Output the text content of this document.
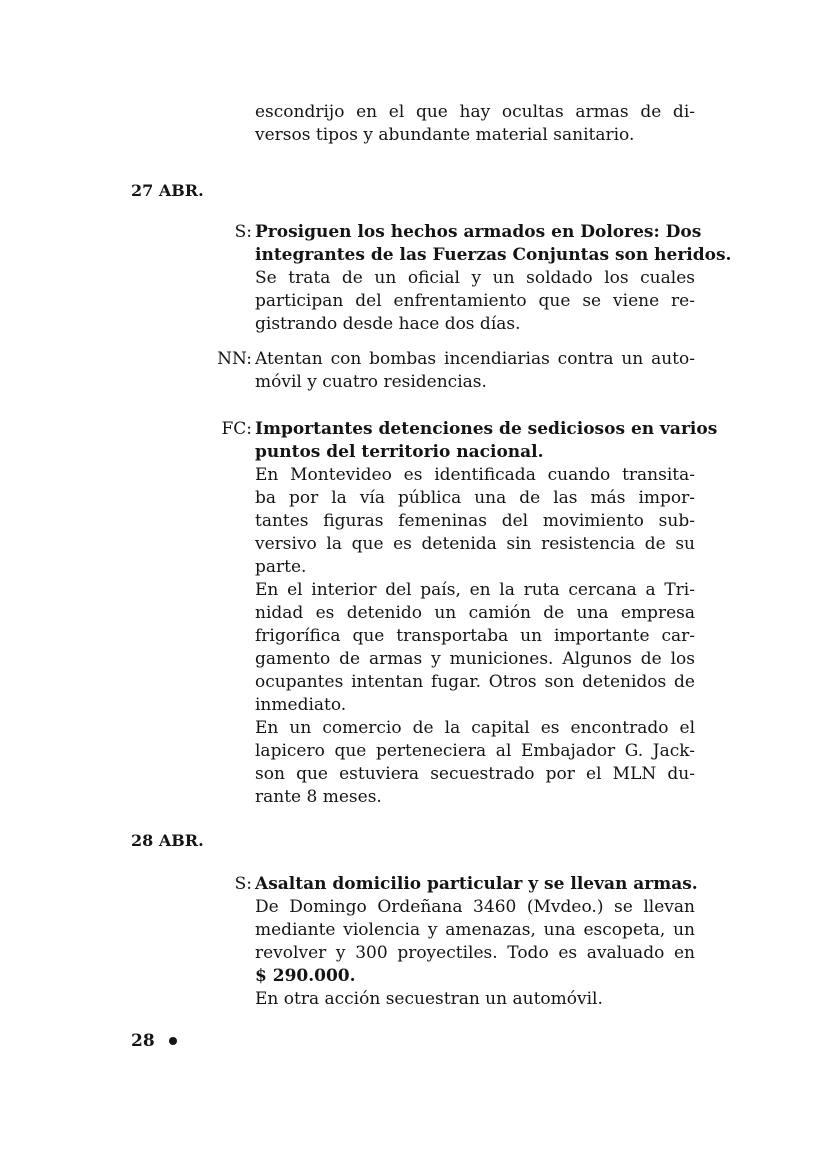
escondrijo en el que hay ocultas armas de di-
versos tipos y abundante material sanitario.
27 ABR.
S: Prosiguen los hechos armados en Dolores: Dos
integrantes de las Fuerzas Conjuntas son heridos.
Se trata de un oficial y un soldado los cuales
participan del enfrentamiento que se viene re-
gistrando desde hace dos días.
NN: Atentan con bombas incendiarias contra un auto-
móvil y cuatro residencias.
FC: Importantes detenciones de sediciosos en varios
puntos del territorio nacional.
En Montevideo es identificada cuando transita-
ba por la vía pública una de las más impor-
tantes figuras femeninas del movimiento sub-
versivo la que es detenida sin resistencia de su
parte.
En el interior del país, en la ruta cercana a Tri-
nidad es detenido un camión de una empresa
frigorífica que transportaba un importante car-
gamento de armas y municiones. Algunos de los
ocupantes intentan fugar. Otros son detenidos de
inmediato.
En un comercio de la capital es encontrado el
lapicero que perteneciera al Embajador G. Jack-
son que estuviera secuestrado por el MLN du-
rante 8 meses.
28 ABR.
S: Asaltan domicilio particular y se llevan armas.
De Domingo Ordeñana 3460 (Mvdeo.) se llevan
mediante violencia y amenazas, una escopeta, un
revolver y 300 proyectiles. Todo es avaluado en
$ 290.000.
En otra acción secuestran un automóvil.
28
